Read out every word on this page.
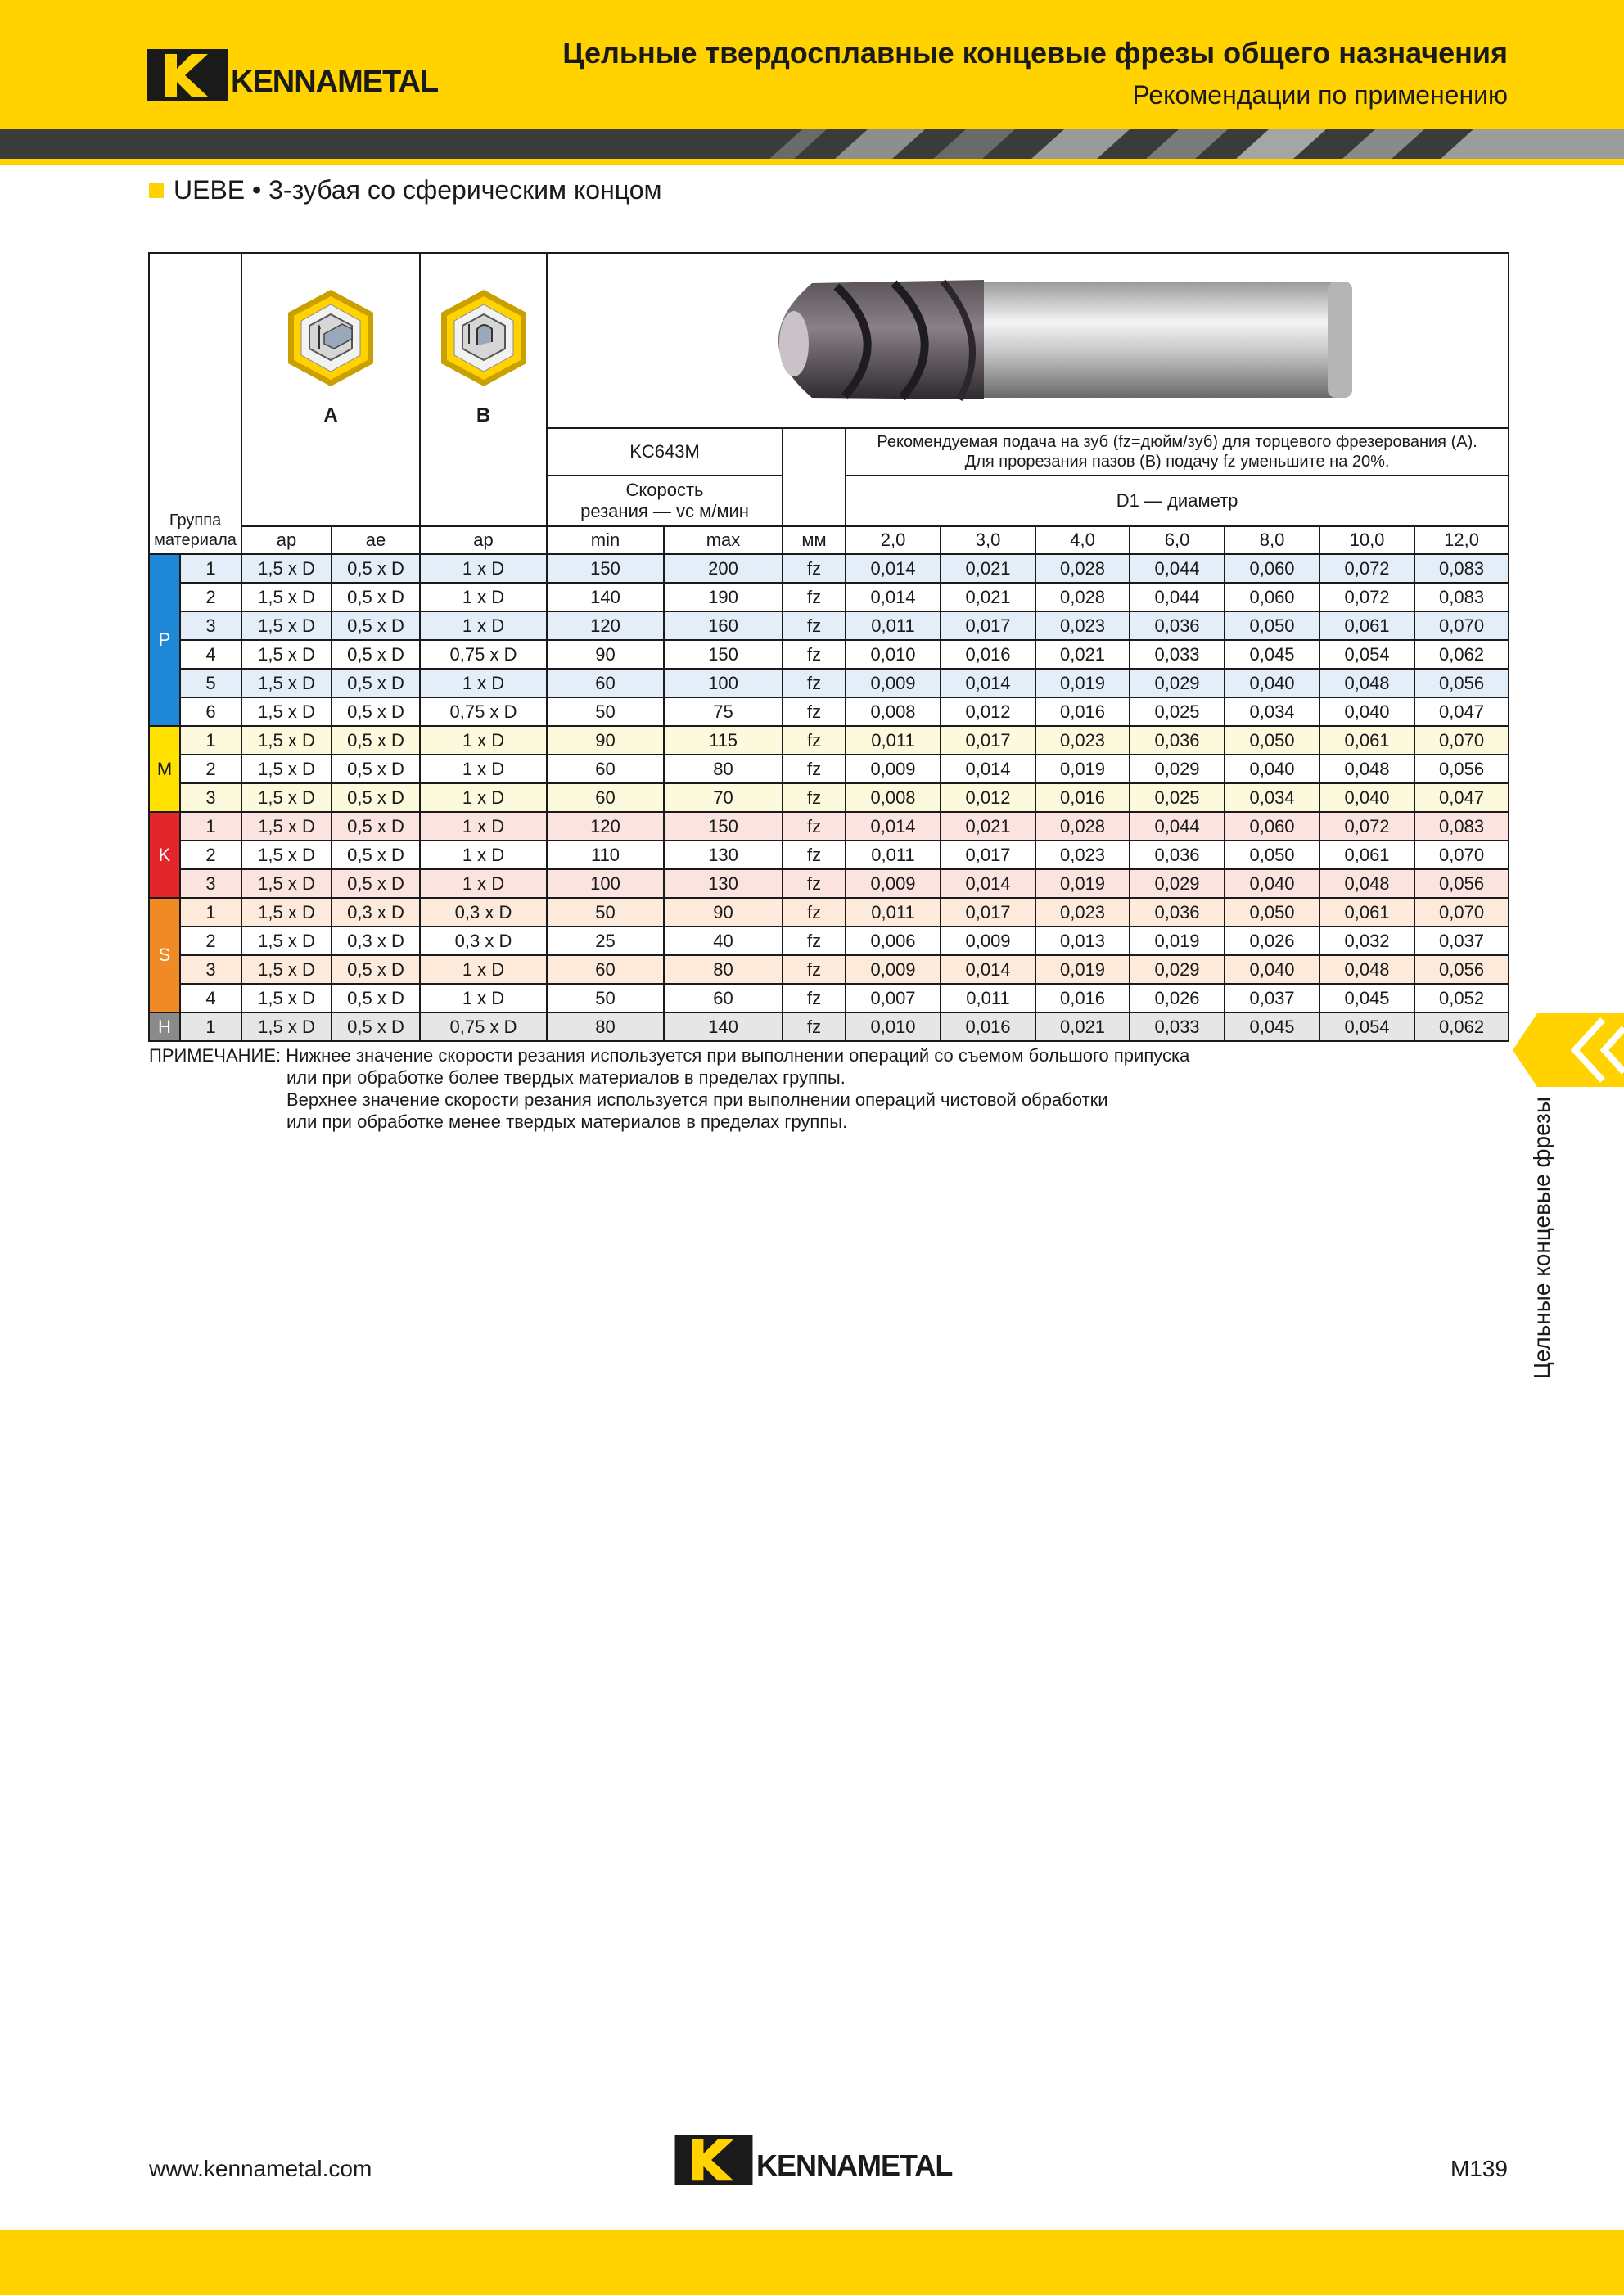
KENNAMETAL
Цельные твердосплавные концевые фрезы общего назначения
Рекомендации по применению
UEBE • 3-зубая со сферическим концом
Группа
материала		A		B

					KC643M			Рекомендуемая подача на зуб (fz=дюйм/зуб) для торцевого фрезерования (A).
Для прорезания пазов (B) подачу fz уменьшите на 20%.						

					Скорость
резания — vc м/мин			D1 — диаметр						
		ap	ae	ap	min	max	мм	2,0	3,0	4,0	6,0	8,0	10,0	12,0
P	1	1,5 x D	0,5 x D	1 x D	150	200	fz	0,014	0,021	0,028	0,044	0,060	0,072	0,083
	2	1,5 x D	0,5 x D	1 x D	140	190	fz	0,014	0,021	0,028	0,044	0,060	0,072	0,083
	3	1,5 x D	0,5 x D	1 x D	120	160	fz	0,011	0,017	0,023	0,036	0,050	0,061	0,070
	4	1,5 x D	0,5 x D	0,75 x D	90	150	fz	0,010	0,016	0,021	0,033	0,045	0,054	0,062
	5	1,5 x D	0,5 x D	1 x D	60	100	fz	0,009	0,014	0,019	0,029	0,040	0,048	0,056
	6	1,5 x D	0,5 x D	0,75 x D	50	75	fz	0,008	0,012	0,016	0,025	0,034	0,040	0,047
M	1	1,5 x D	0,5 x D	1 x D	90	115	fz	0,011	0,017	0,023	0,036	0,050	0,061	0,070
	2	1,5 x D	0,5 x D	1 x D	60	80	fz	0,009	0,014	0,019	0,029	0,040	0,048	0,056
	3	1,5 x D	0,5 x D	1 x D	60	70	fz	0,008	0,012	0,016	0,025	0,034	0,040	0,047
K	1	1,5 x D	0,5 x D	1 x D	120	150	fz	0,014	0,021	0,028	0,044	0,060	0,072	0,083
	2	1,5 x D	0,5 x D	1 x D	110	130	fz	0,011	0,017	0,023	0,036	0,050	0,061	0,070
	3	1,5 x D	0,5 x D	1 x D	100	130	fz	0,009	0,014	0,019	0,029	0,040	0,048	0,056
S	1	1,5 x D	0,3 x D	0,3 x D	50	90	fz	0,011	0,017	0,023	0,036	0,050	0,061	0,070
	2	1,5 x D	0,3 x D	0,3 x D	25	40	fz	0,006	0,009	0,013	0,019	0,026	0,032	0,037
	3	1,5 x D	0,5 x D	1 x D	60	80	fz	0,009	0,014	0,019	0,029	0,040	0,048	0,056
	4	1,5 x D	0,5 x D	1 x D	50	60	fz	0,007	0,011	0,016	0,026	0,037	0,045	0,052
H	1	1,5 x D	0,5 x D	0,75 x D	80	140	fz	0,010	0,016	0,021	0,033	0,045	0,054	0,062
ПРИМЕЧАНИЕ: Нижнее значение скорости резания используется при выполнении операций со съемом большого припуска
или при обработке более твердых материалов в пределах группы.
Верхнее значение скорости резания используется при выполнении операций чистовой обработки
или при обработке менее твердых материалов в пределах группы.	Цельные концевые фрезы
www.kennametal.com	KENNAMETAL	M139
